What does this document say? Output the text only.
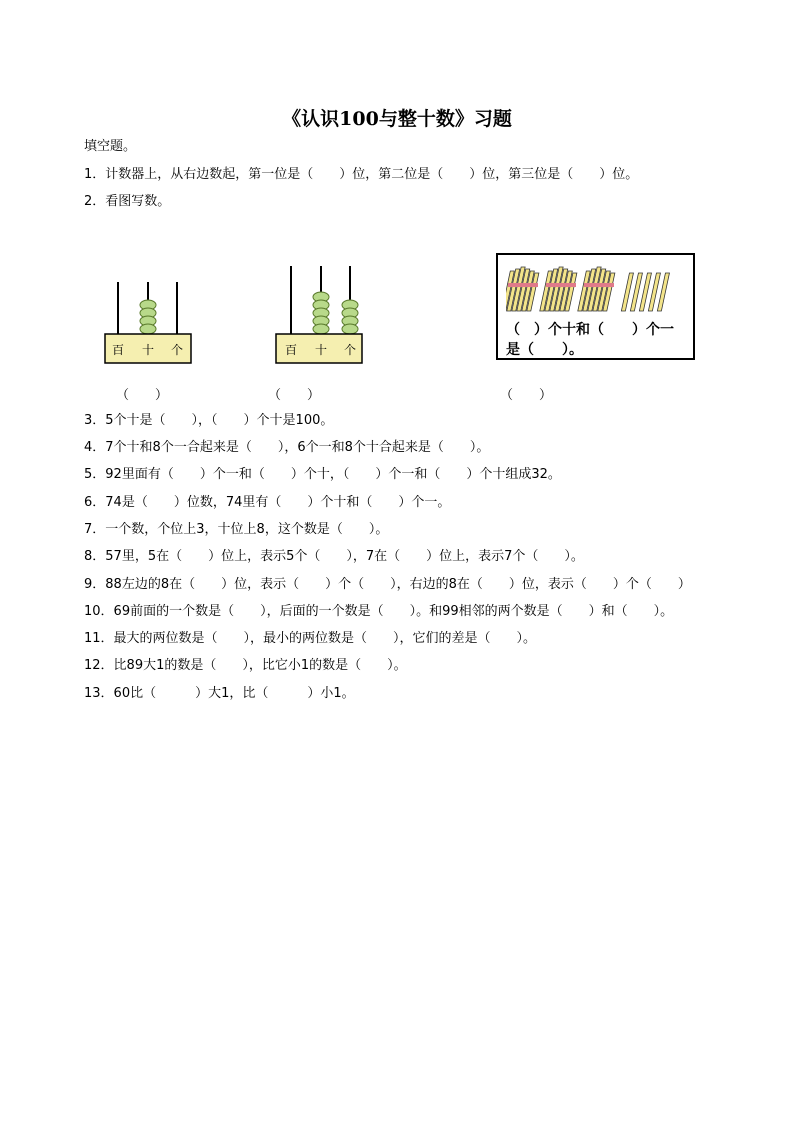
《认识100与整十数》习题
填空题。
1．计数器上，从右边数起，第一位是（　　）位，第二位是（　　）位，第三位是（　　）位。
2．看图写数。
百 十 个
（　　）
百 十 个
（　　）
（　）个十和（　　）个一
是（　　）。
（　　）
3．5个十是（　　），（　　）个十是100。
4．7个十和8个一合起来是（　　），6个一和8个十合起来是（　　）。
5．92里面有（　　）个一和（　　）个十，（　　）个一和（　　）个十组成32。
6．74是（　　）位数，74里有（　　）个十和（　　）个一。
7．一个数，个位上3，十位上8，这个数是（　　）。
8．57里，5在（　　）位上，表示5个（　　），7在（　　）位上，表示7个（　　）。
9．88左边的8在（　　）位，表示（　　）个（　　），右边的8在（　　）位，表示（　　）个（　　）
10．69前面的一个数是（　　），后面的一个数是（　　）。和99相邻的两个数是（　　）和（　　）。
11．最大的两位数是（　　），最小的两位数是（　　），它们的差是（　　）。
12．比89大1的数是（　　），比它小1的数是（　　）。
13．60比（　　　）大1，比（　　　）小1。
